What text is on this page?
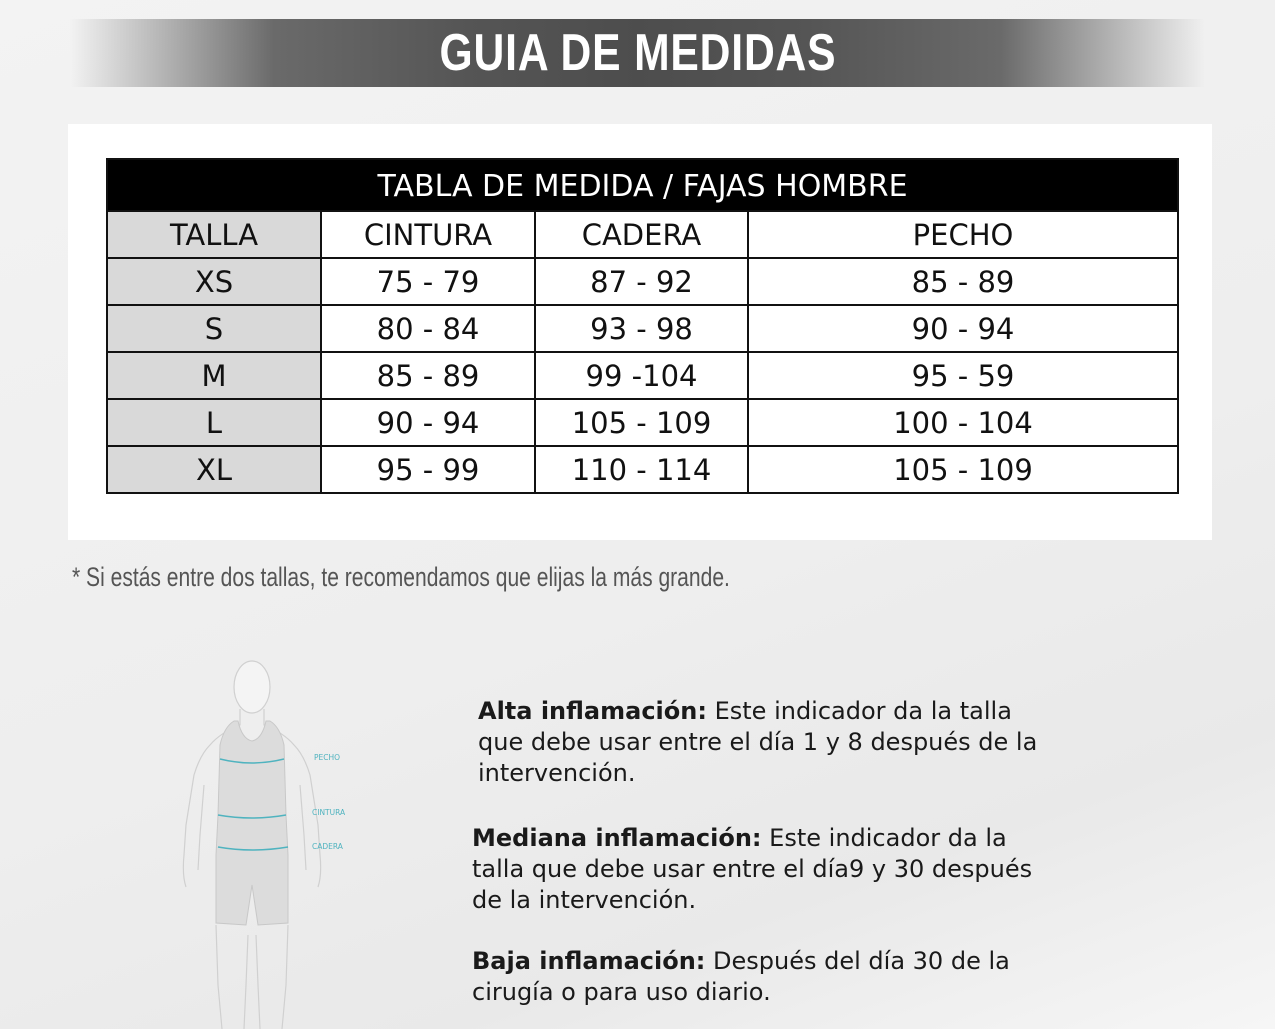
GUIA DE MEDIDAS
TABLA DE MEDIDA / FAJAS HOMBRE			
TALLA	CINTURA	CADERA	PECHO
XS	75 - 79	87 - 92	85 - 89
S	80 - 84	93 - 98	90 - 94
M	85 - 89	99 -104	95 - 59
L	90 - 94	105 - 109	100 - 104
XL	95 - 99	110 - 114	105 - 109
* Si estás entre dos tallas, te recomendamos que elijas la más grande.
PECHO
CINTURA
CADERA
Alta inflamación: Este indicador da la talla
que debe usar entre el día 1 y 8 después de la
intervención.
Mediana inflamación: Este indicador da la
talla que debe usar entre el día9 y 30 después
de la intervención.
Baja inflamación: Después del día 30 de la
cirugía o para uso diario.
